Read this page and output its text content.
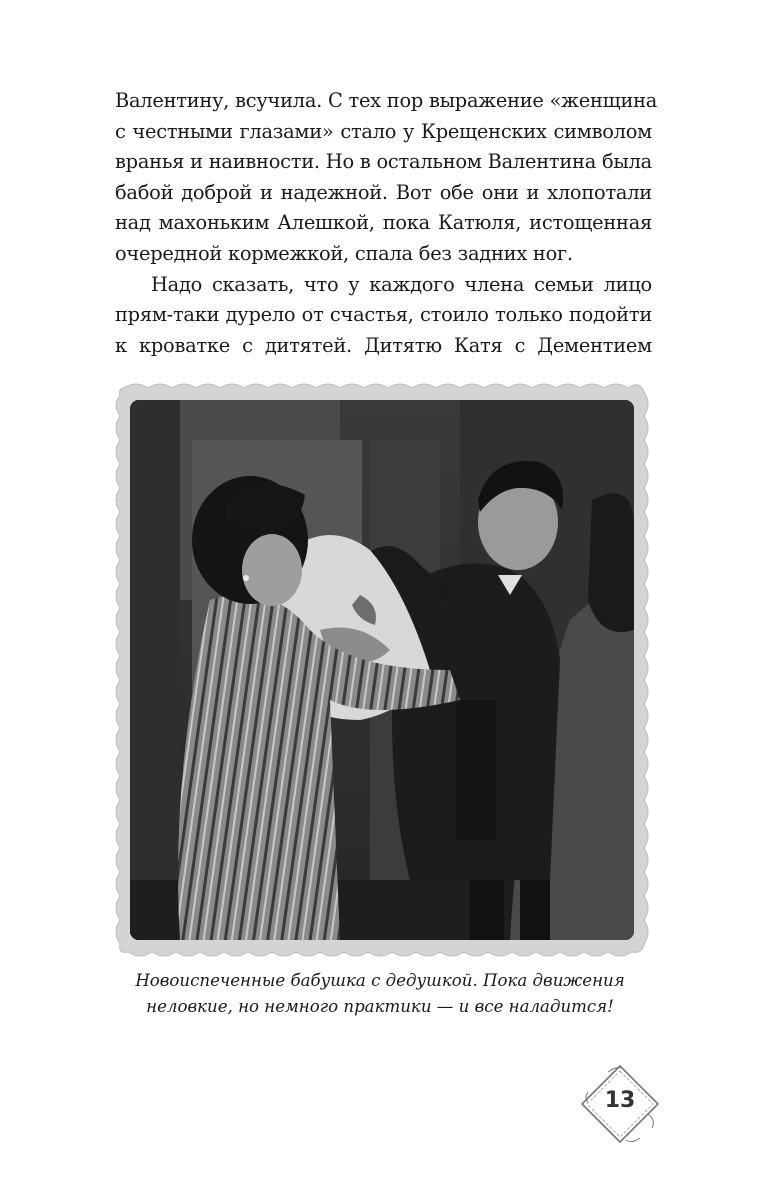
Валентину, всучила. С тех пор выражение «женщина
с честными глазами» стало у Крещенских символом
вранья и наивности. Но в остальном Валентина была
бабой доброй и надежной. Вот обе они и хлопотали
над махоньким Алешкой, пока Катюля, истощенная
очередной кормежкой, спала без задних ног.
Надо сказать, что у каждого члена семьи лицо
прям-таки дурело от счастья, стоило только подойти
к кроватке с дитятей. Дитятю Катя с Дементием
Новоиспеченные бабушка с дедушкой. Пока движения
неловкие, но немного практики — и все наладится!
13
